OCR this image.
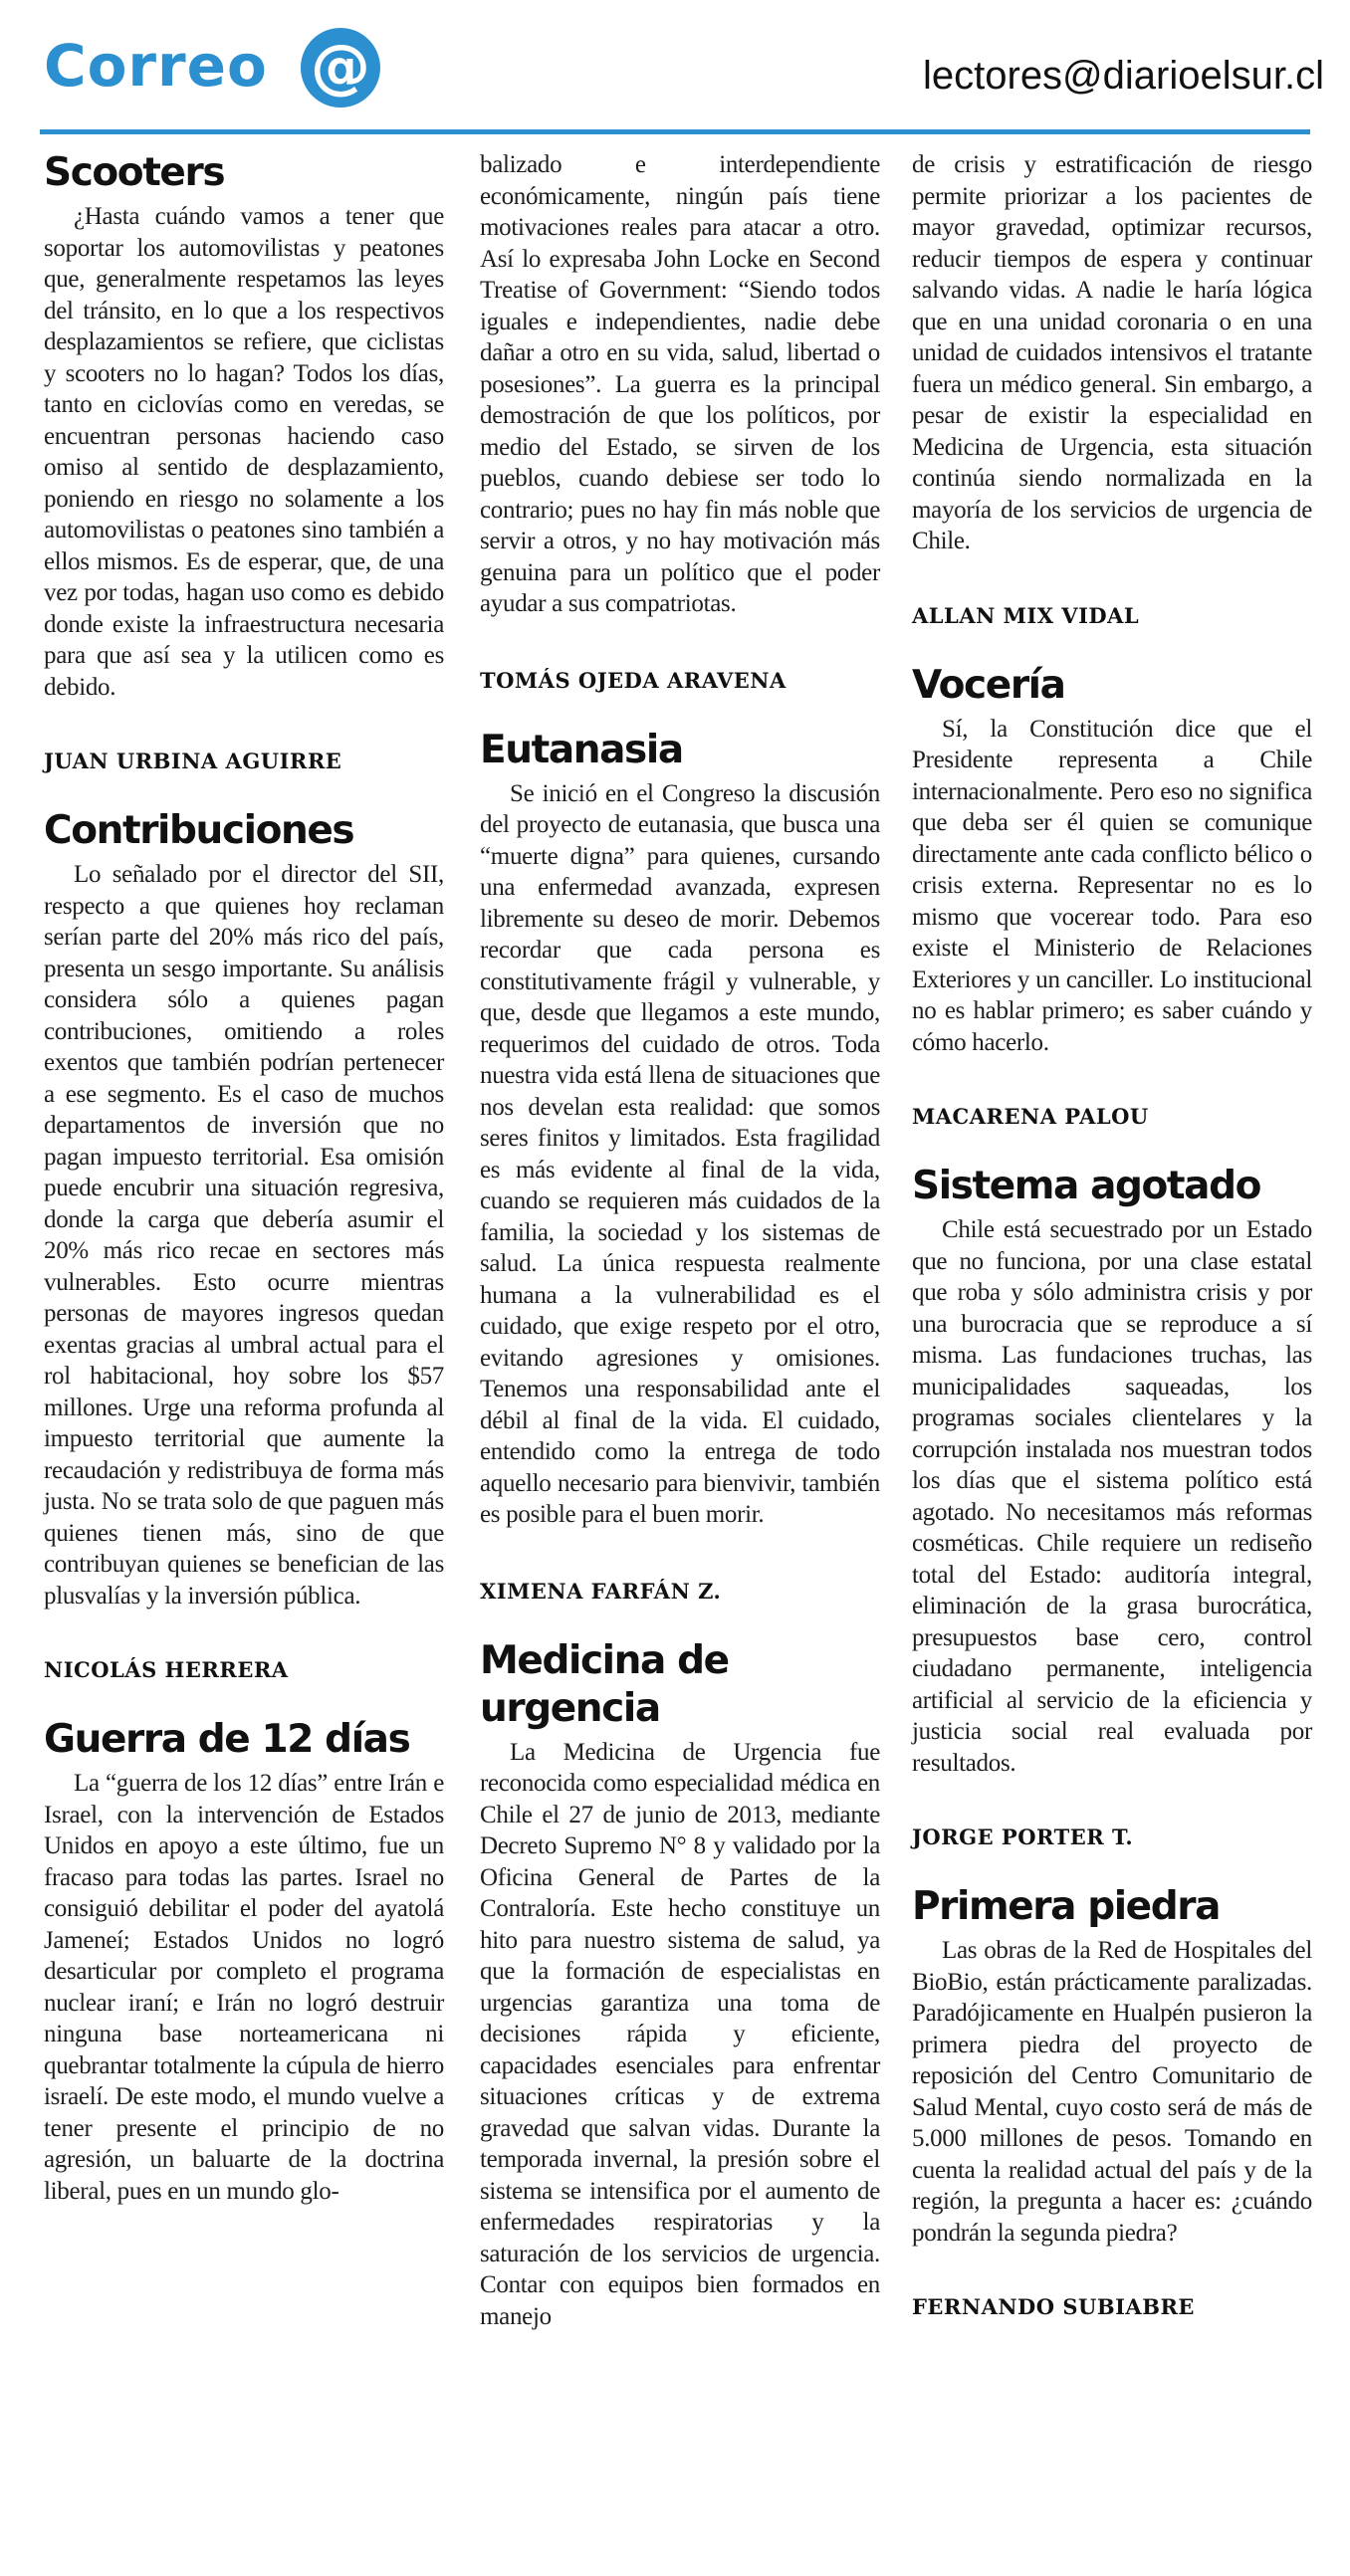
Correo @	lectores@diarioelsur.cl
Scooters

¿Hasta cuándo vamos a tener que soportar los automovilistas y peatones que, generalmente respetamos las leyes del tránsito, en lo que a los respectivos desplazamientos se refiere, que ciclistas y scooters no lo hagan? Todos los días, tanto en ciclovías como en veredas, se encuentran personas haciendo caso omiso al sentido de desplazamiento, poniendo en riesgo no solamente a los automovilistas o peatones sino también a ellos mismos. Es de esperar, que, de una vez por todas, hagan uso como es debido donde existe la infraestructura necesaria para que así sea y la utilicen como es debido.

JUAN URBINA AGUIRRE
Contribuciones

Lo señalado por el director del SII, respecto a que quienes hoy reclaman serían parte del 20% más rico del país, presenta un sesgo importante. Su análisis considera sólo a quienes pagan contribuciones, omitiendo a roles exentos que también podrían pertenecer a ese segmento. Es el caso de muchos departamentos de inversión que no pagan impuesto territorial. Esa omisión puede encubrir una situación regresiva, donde la carga que debería asumir el 20% más rico recae en sectores más vulnerables. Esto ocurre mientras personas de mayores ingresos quedan exentas gracias al umbral actual para el rol habitacional, hoy sobre los $57 millones. Urge una reforma profunda al impuesto territorial que aumente la recaudación y redistribuya de forma más justa. No se trata solo de que paguen más quienes tienen más, sino de que contribuyan quienes se benefician de las plusvalías y la inversión pública.

NICOLÁS HERRERA
Guerra de 12 días

La “guerra de los 12 días” entre Irán e Israel, con la intervención de Estados Unidos en apoyo a este último, fue un fracaso para todas las partes. Israel no consiguió debilitar el poder del ayatolá Jameneí; Estados Unidos no logró desarticular por completo el programa nuclear iraní; e Irán no logró destruir ninguna base norteamericana ni quebrantar totalmente la cúpula de hierro israelí. De este modo, el mundo vuelve a tener presente el principio de no agresión, un baluarte de la doctrina liberal, pues en un mundo glo-

balizado e interdependiente económicamente, ningún país tiene motivaciones reales para atacar a otro. Así lo expresaba John Locke en Second Treatise of Government: “Siendo todos iguales e independientes, nadie debe dañar a otro en su vida, salud, libertad o posesiones”. La guerra es la principal demostración de que los políticos, por medio del Estado, se sirven de los pueblos, cuando debiese ser todo lo contrario; pues no hay fin más noble que servir a otros, y no hay motivación más genuina para un político que el poder ayudar a sus compatriotas.

TOMÁS OJEDA ARAVENA
Eutanasia

Se inició en el Congreso la discusión del proyecto de eutanasia, que busca una “muerte digna” para quienes, cursando una enfermedad avanzada, expresen libremente su deseo de morir. Debemos recordar que cada persona es constitutivamente frágil y vulnerable, y que, desde que llegamos a este mundo, requerimos del cuidado de otros. Toda nuestra vida está llena de situaciones que nos develan esta realidad: que somos seres finitos y limitados. Esta fragilidad es más evidente al final de la vida, cuando se requieren más cuidados de la familia, la sociedad y los sistemas de salud. La única respuesta realmente humana a la vulnerabilidad es el cuidado, que exige respeto por el otro, evitando agresiones y omisiones. Tenemos una responsabilidad ante el débil al final de la vida. El cuidado, entendido como la entrega de todo aquello necesario para bienvivir, también es posible para el buen morir.

XIMENA FARFÁN Z.
Medicina de urgencia

La Medicina de Urgencia fue reconocida como especialidad médica en Chile el 27 de junio de 2013, mediante Decreto Supremo N° 8 y validado por la Oficina General de Partes de la Contraloría. Este hecho constituye un hito para nuestro sistema de salud, ya que la formación de especialistas en urgencias garantiza una toma de decisiones rápida y eficiente, capacidades esenciales para enfrentar situaciones críticas y de extrema gravedad que salvan vidas. Durante la temporada invernal, la presión sobre el sistema se intensifica por el aumento de enfermedades respiratorias y la saturación de los servicios de urgencia. Contar con equipos bien formados en manejo

de crisis y estratificación de riesgo permite priorizar a los pacientes de mayor gravedad, optimizar recursos, reducir tiempos de espera y continuar salvando vidas. A nadie le haría lógica que en una unidad coronaria o en una unidad de cuidados intensivos el tratante fuera un médico general. Sin embargo, a pesar de existir la especialidad en Medicina de Urgencia, esta situación continúa siendo normalizada en la mayoría de los servicios de urgencia de Chile.

ALLAN MIX VIDAL
Vocería

Sí, la Constitución dice que el Presidente representa a Chile internacionalmente. Pero eso no significa que deba ser él quien se comunique directamente ante cada conflicto bélico o crisis externa. Representar no es lo mismo que vocerear todo. Para eso existe el Ministerio de Relaciones Exteriores y un canciller. Lo institucional no es hablar primero; es saber cuándo y cómo hacerlo.

MACARENA PALOU
Sistema agotado

Chile está secuestrado por un Estado que no funciona, por una clase estatal que roba y sólo administra crisis y por una burocracia que se reproduce a sí misma. Las fundaciones truchas, las municipalidades saqueadas, los programas sociales clientelares y la corrupción instalada nos muestran todos los días que el sistema político está agotado. No necesitamos más reformas cosméticas. Chile requiere un rediseño total del Estado: auditoría integral, eliminación de la grasa burocrática, presupuestos base cero, control ciudadano permanente, inteligencia artificial al servicio de la eficiencia y justicia social real evaluada por resultados.

JORGE PORTER T.
Primera piedra

Las obras de la Red de Hospitales del BioBio, están prácticamente paralizadas. Paradójicamente en Hualpén pusieron la primera piedra del proyecto de reposición del Centro Comunitario de Salud Mental, cuyo costo será de más de 5.000 millones de pesos. Tomando en cuenta la realidad actual del país y de la región, la pregunta a hacer es: ¿cuándo pondrán la segunda piedra?

FERNANDO SUBIABRE
